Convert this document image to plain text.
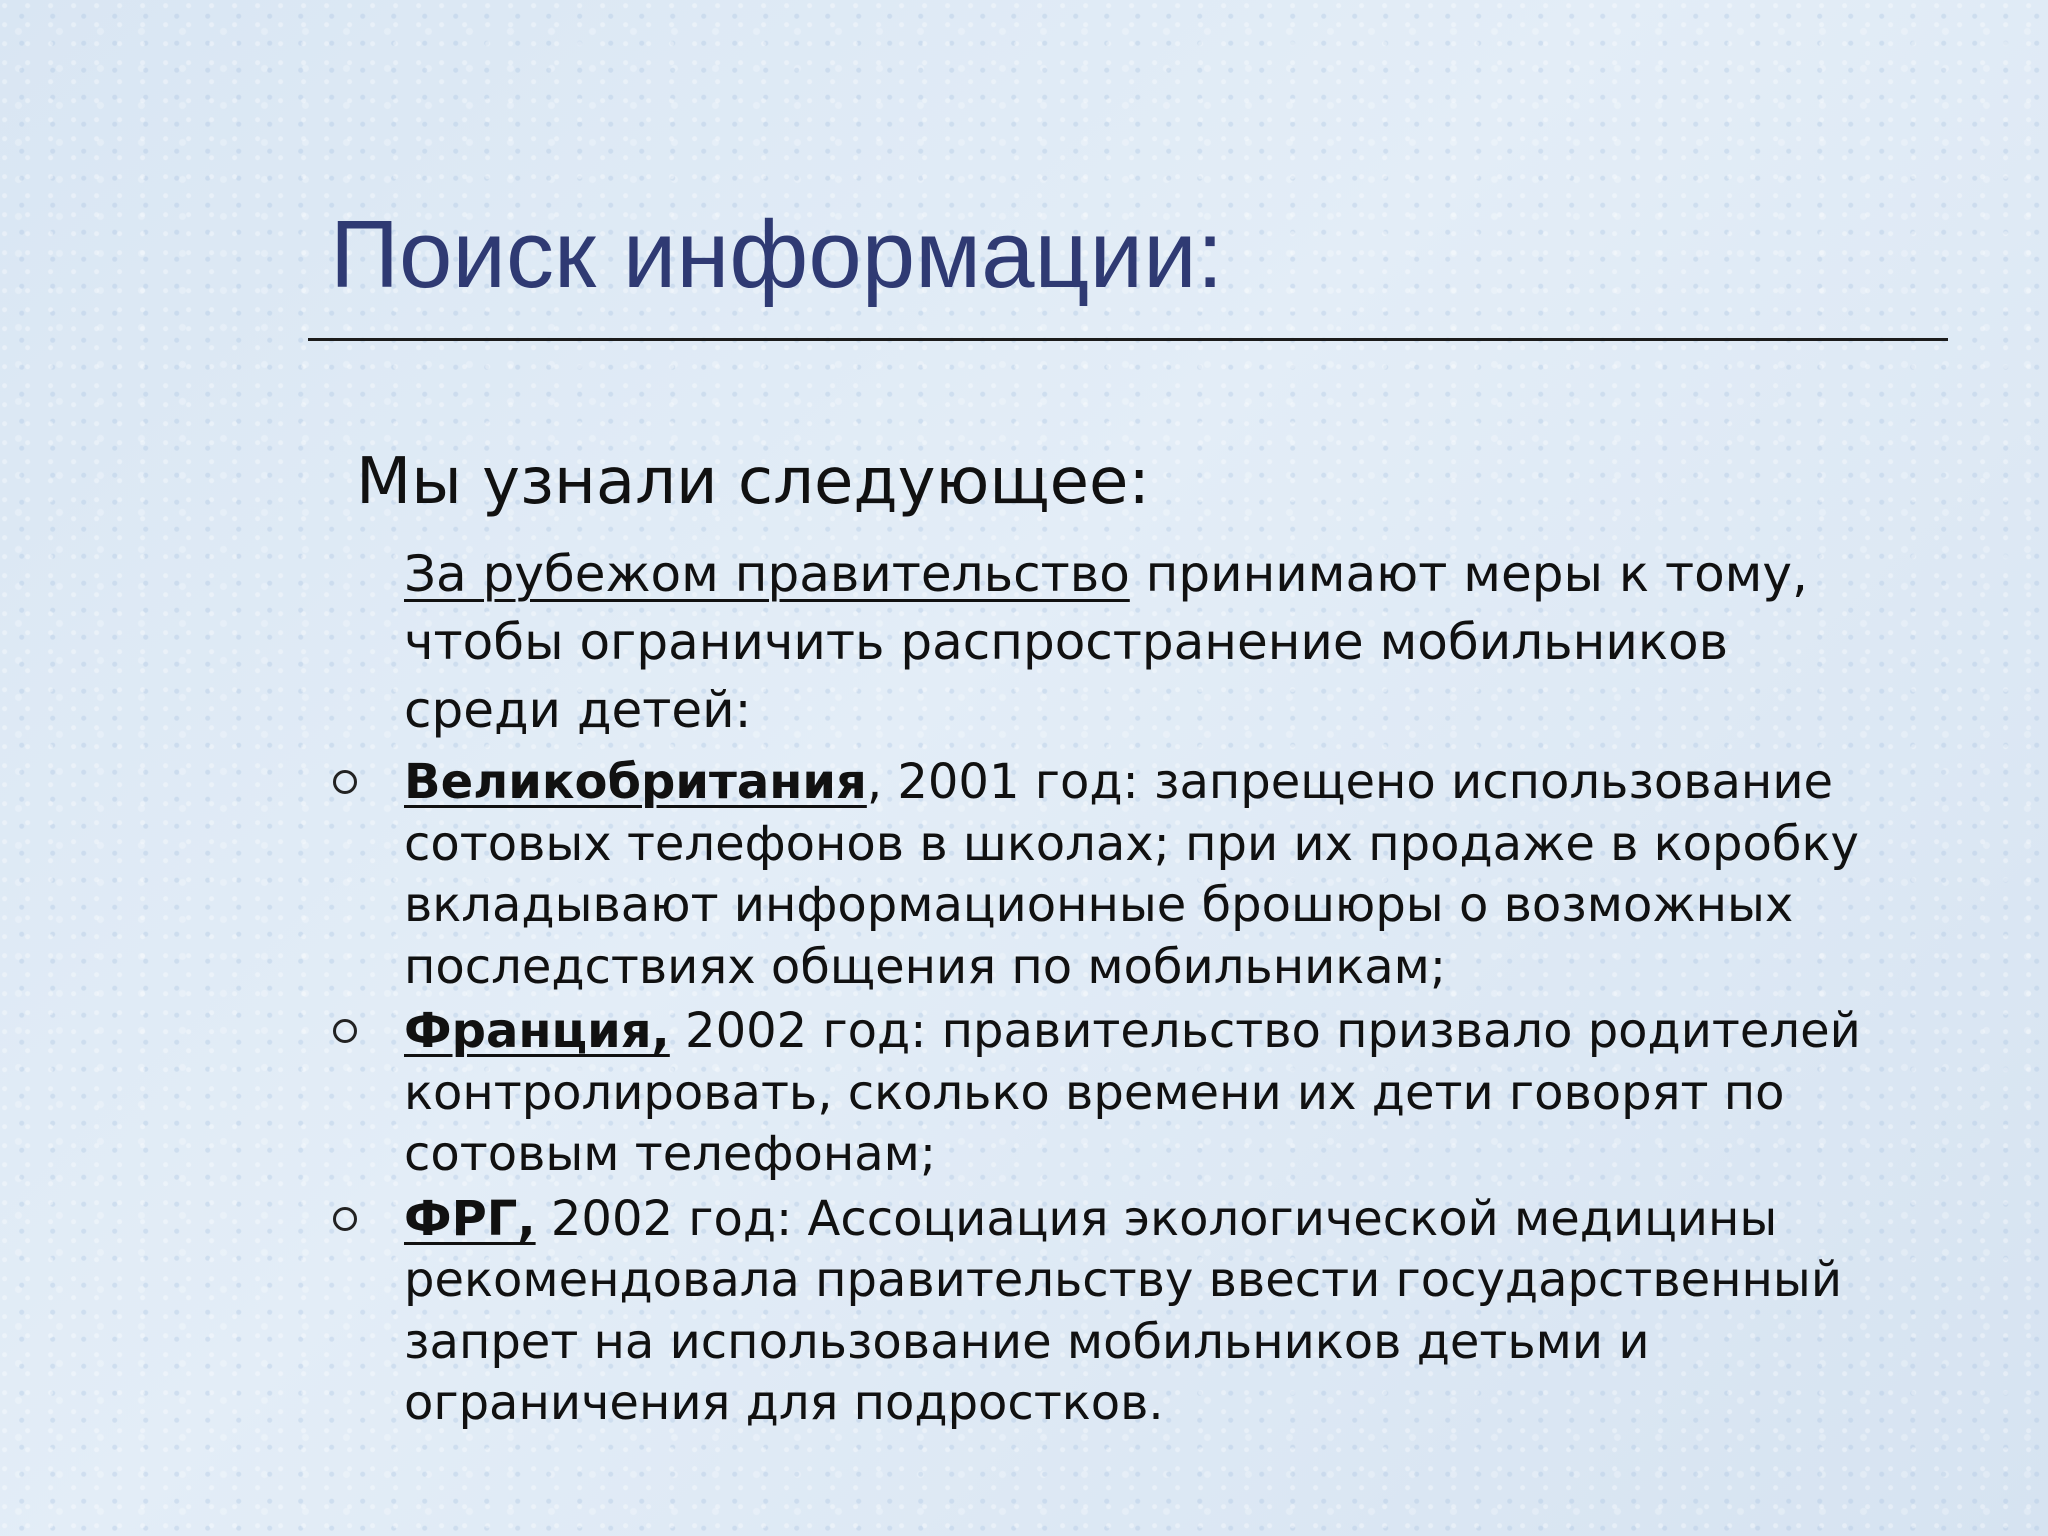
Поиск информации:
Мы узнали следующее:
За рубежом правительство принимают меры к тому, чтобы ограничить распространение мобильников среди детей:
Великобритания, 2001 год: запрещено использование сотовых телефонов в школах; при их продаже в коробку вкладывают информационные брошюры о возможных последствиях общения по мобильникам;
Франция, 2002 год: правительство призвало родителей контролировать, сколько времени их дети говорят по сотовым телефонам;
ФРГ, 2002 год: Ассоциация экологической медицины рекомендовала правительству ввести государственный запрет на использование мобильников детьми и ограничения для подростков.
